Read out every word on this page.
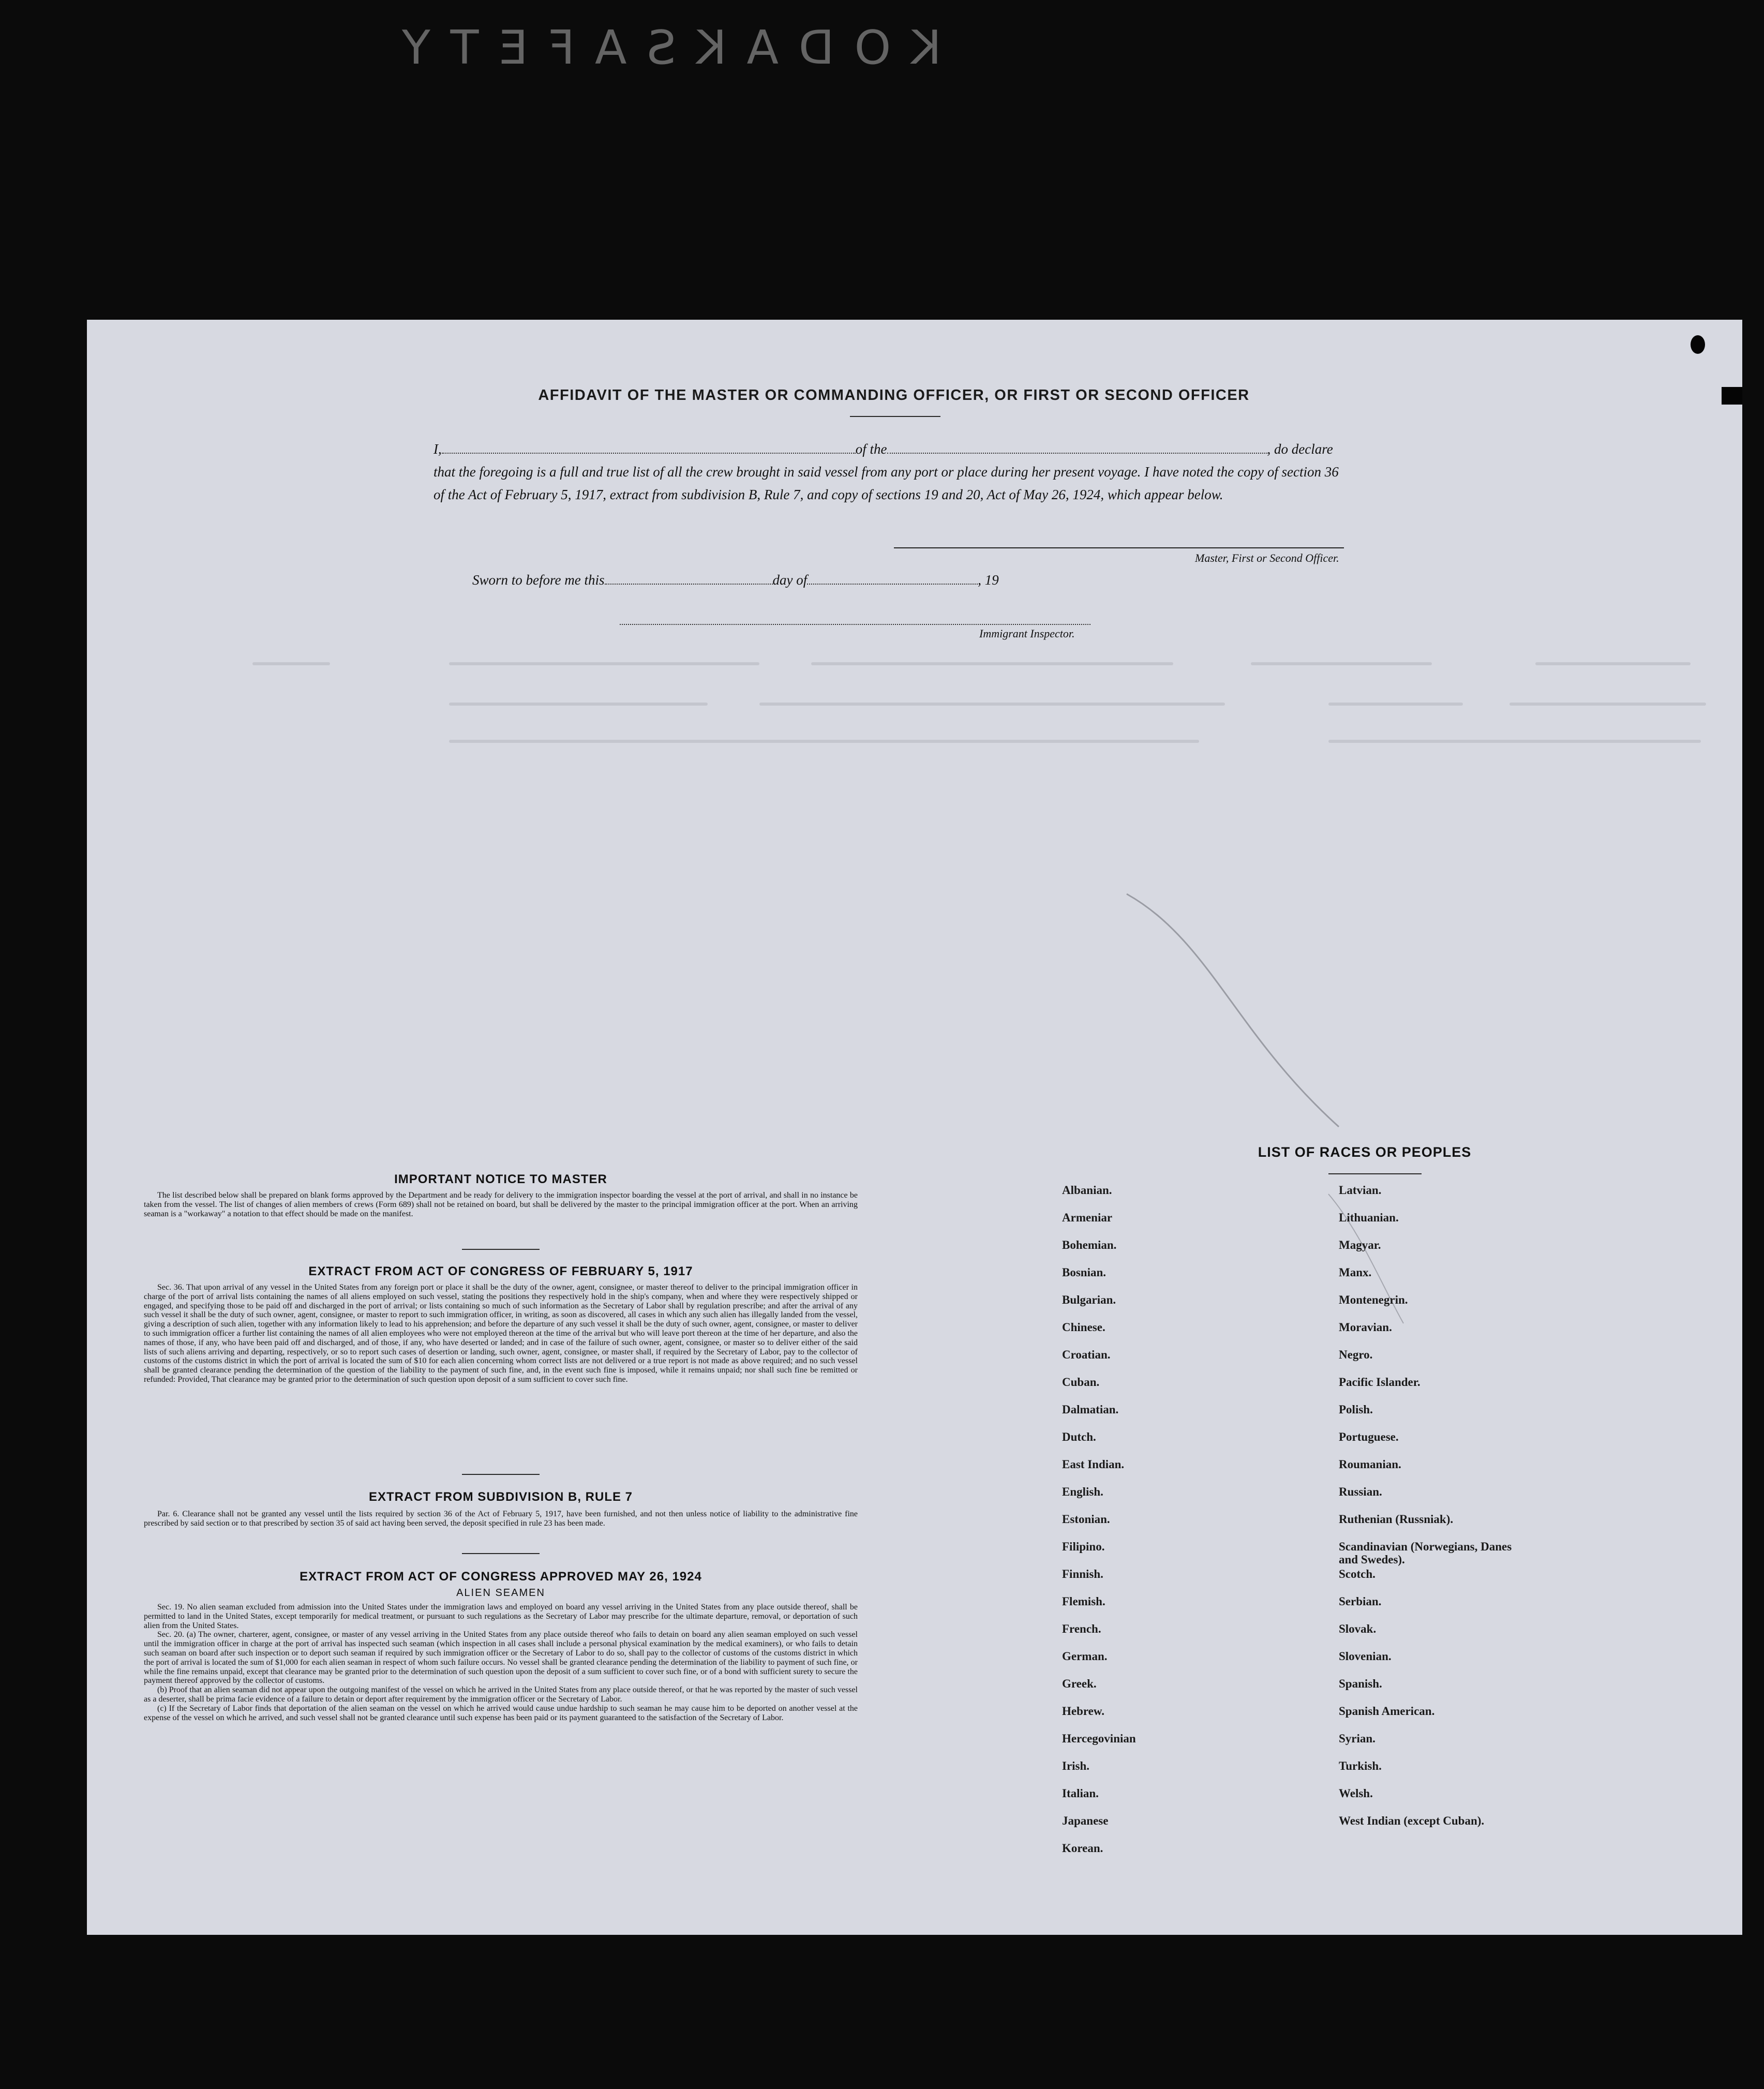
K O D A K S A F E T Y
AFFIDAVIT OF THE MASTER OR COMMANDING OFFICER, OR FIRST OR SECOND OFFICER
I,	of the	, do declare
that the foregoing is a full and true list of all the crew brought in said vessel from any port or place during her present voyage. I have noted the copy of section 36 of the Act of February 5, 1917, extract from subdivision B, Rule 7, and copy of sections 19 and 20, Act of May 26, 1924, which appear below.
Master, First or Second Officer.
Sworn to before me this	day of	, 19
Immigrant Inspector.
IMPORTANT NOTICE TO MASTER

The list described below shall be prepared on blank forms approved by the Department and be ready for delivery to the immigration inspector boarding the vessel at the port of arrival, and shall in no instance be taken from the vessel. The list of changes of alien members of crews (Form 689) shall not be retained on board, but shall be delivered by the master to the principal immigration officer at the port. When an arriving seaman is a "workaway" a notation to that effect should be made on the manifest.

EXTRACT FROM ACT OF CONGRESS OF FEBRUARY 5, 1917

Sec. 36. That upon arrival of any vessel in the United States from any foreign port or place it shall be the duty of the owner, agent, consignee, or master thereof to deliver to the principal immigration officer in charge of the port of arrival lists containing the names of all aliens employed on such vessel, stating the positions they respectively hold in the ship's company, when and where they were respectively shipped or engaged, and specifying those to be paid off and discharged in the port of arrival; or lists containing so much of such information as the Secretary of Labor shall by regulation prescribe; and after the arrival of any such vessel it shall be the duty of such owner, agent, consignee, or master to report to such immigration officer, in writing, as soon as discovered, all cases in which any such alien has illegally landed from the vessel, giving a description of such alien, together with any information likely to lead to his apprehension; and before the departure of any such vessel it shall be the duty of such owner, agent, consignee, or master to deliver to such immigration officer a further list containing the names of all alien employees who were not employed thereon at the time of the arrival but who will leave port thereon at the time of her departure, and also the names of those, if any, who have been paid off and discharged, and of those, if any, who have deserted or landed; and in case of the failure of such owner, agent, consignee, or master so to deliver either of the said lists of such aliens arriving and departing, respectively, or so to report such cases of desertion or landing, such owner, agent, consignee, or master shall, if required by the Secretary of Labor, pay to the collector of customs of the customs district in which the port of arrival is located the sum of $10 for each alien concerning whom correct lists are not delivered or a true report is not made as above required; and no such vessel shall be granted clearance pending the determination of the question of the liability to the payment of such fine, and, in the event such fine is imposed, while it remains unpaid; nor shall such fine be remitted or refunded: Provided, That clearance may be granted prior to the determination of such question upon deposit of a sum sufficient to cover such fine.

EXTRACT FROM SUBDIVISION B, RULE 7

Par. 6. Clearance shall not be granted any vessel until the lists required by section 36 of the Act of February 5, 1917, have been furnished, and not then unless notice of liability to the administrative fine prescribed by said section or to that prescribed by section 35 of said act having been served, the deposit specified in rule 23 has been made.

EXTRACT FROM ACT OF CONGRESS APPROVED MAY 26, 1924
ALIEN SEAMEN

Sec. 19. No alien seaman excluded from admission into the United States under the immigration laws and employed on board any vessel arriving in the United States from any place outside thereof, shall be permitted to land in the United States, except temporarily for medical treatment, or pursuant to such regulations as the Secretary of Labor may prescribe for the ultimate departure, removal, or deportation of such alien from the United States.

Sec. 20. (a) The owner, charterer, agent, consignee, or master of any vessel arriving in the United States from any place outside thereof who fails to detain on board any alien seaman employed on such vessel until the immigration officer in charge at the port of arrival has inspected such seaman (which inspection in all cases shall include a personal physical examination by the medical examiners), or who fails to detain such seaman on board after such inspection or to deport such seaman if required by such immigration officer or the Secretary of Labor to do so, shall pay to the collector of customs of the customs district in which the port of arrival is located the sum of $1,000 for each alien seaman in respect of whom such failure occurs. No vessel shall be granted clearance pending the determination of the liability to payment of such fine, or while the fine remains unpaid, except that clearance may be granted prior to the determination of such question upon the deposit of a sum sufficient to cover such fine, or of a bond with sufficient surety to secure the payment thereof approved by the collector of customs.

(b) Proof that an alien seaman did not appear upon the outgoing manifest of the vessel on which he arrived in the United States from any place outside thereof, or that he was reported by the master of such vessel as a deserter, shall be prima facie evidence of a failure to detain or deport after requirement by the immigration officer or the Secretary of Labor.

(c) If the Secretary of Labor finds that deportation of the alien seaman on the vessel on which he arrived would cause undue hardship to such seaman he may cause him to be deported on another vessel at the expense of the vessel on which he arrived, and such vessel shall not be granted clearance until such expense has been paid or its payment guaranteed to the satisfaction of the Secretary of Labor.

LIST OF RACES OR PEOPLES
Albanian.
Armeniar
Bohemian.
Bosnian.
Bulgarian.
Chinese.
Croatian.
Cuban.
Dalmatian.
Dutch.
East Indian.
English.
Estonian.
Filipino.
Finnish.
Flemish.
French.
German.
Greek.
Hebrew.
Hercegovinian
Irish.
Italian.
Japanese
Korean.
Latvian.
Lithuanian.
Magyar.
Manx.
Montenegrin.
Moravian.
Negro.
Pacific Islander.
Polish.
Portuguese.
Roumanian.
Russian.
Ruthenian (Russniak).
Scandinavian (Norwegians, Danes and Swedes).
Scotch.
Serbian.
Slovak.
Slovenian.
Spanish.
Spanish American.
Syrian.
Turkish.
Welsh.
West Indian (except Cuban).
